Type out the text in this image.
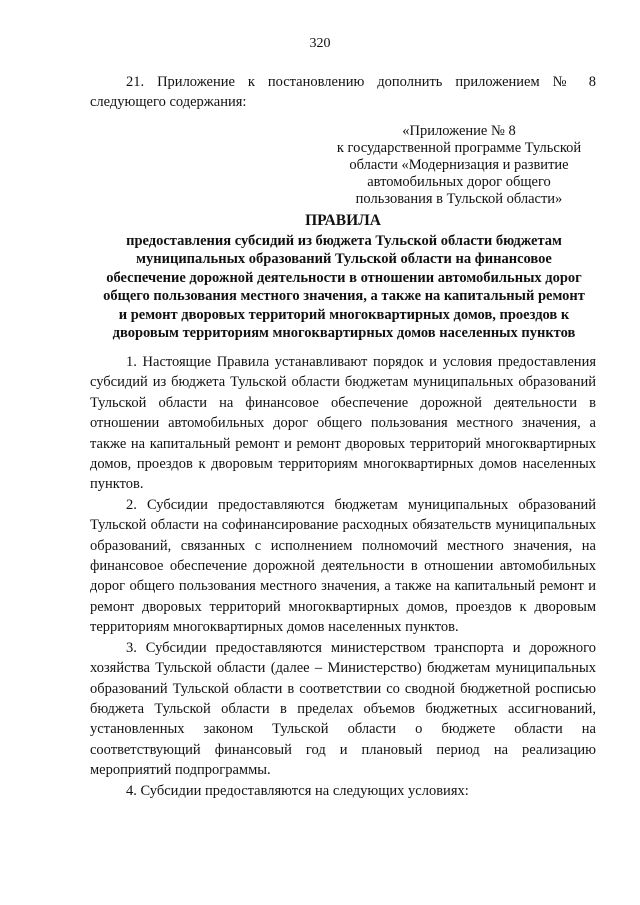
320
21. Приложение к постановлению дополнить приложением № 8 следующего содержания:
«Приложение № 8
к государственной программе Тульской
области «Модернизация и развитие
автомобильных дорог общего
пользования в Тульской области»
ПРАВИЛА
предоставления субсидий из бюджета Тульской области бюджетам
муниципальных образований Тульской области на финансовое
обеспечение дорожной деятельности в отношении автомобильных дорог
общего пользования местного значения, а также на капитальный ремонт
и ремонт дворовых территорий многоквартирных домов, проездов к
дворовым территориям многоквартирных домов населенных пунктов

1. Настоящие Правила устанавливают порядок и условия предоставления субсидий из бюджета Тульской области бюджетам муниципальных образований Тульской области на финансовое обеспечение дорожной деятельности в отношении автомобильных дорог общего пользования местного значения, а также на капитальный ремонт и ремонт дворовых территорий многоквартирных домов, проездов к дворовым территориям многоквартирных домов населенных пунктов.

2. Субсидии предоставляются бюджетам муниципальных образований Тульской области на софинансирование расходных обязательств муниципальных образований, связанных с исполнением полномочий местного значения, на финансовое обеспечение дорожной деятельности в отношении автомобильных дорог общего пользования местного значения, а также на капитальный ремонт и ремонт дворовых территорий многоквартирных домов, проездов к дворовым территориям многоквартирных домов населенных пунктов.

3. Субсидии предоставляются министерством транспорта и дорожного хозяйства Тульской области (далее – Министерство) бюджетам муниципальных образований Тульской области в соответствии со сводной бюджетной росписью бюджета Тульской области в пределах объемов бюджетных ассигнований, установленных законом Тульской области о бюджете области на соответствующий финансовый год и плановый период на реализацию мероприятий подпрограммы.

4. Субсидии предоставляются на следующих условиях:
